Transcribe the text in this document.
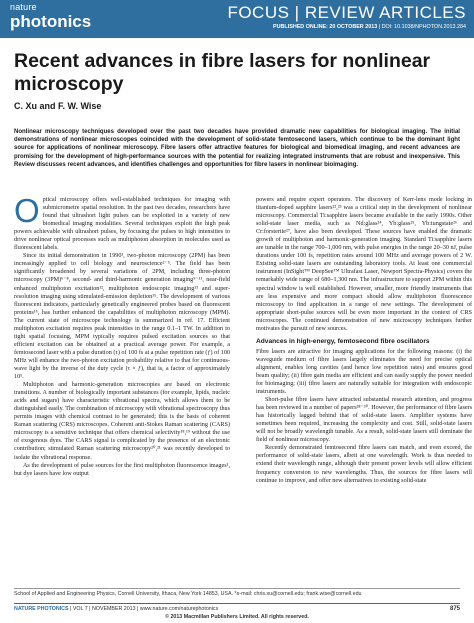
nature
photonics	FOCUS | REVIEW ARTICLES
PUBLISHED ONLINE: 20 OCTOBER 2013 | DOI: 10.1038/NPHOTON.2013.284
Recent advances in fibre lasers for nonlinear microscopy
C. Xu and F. W. Wise

Nonlinear microscopy techniques developed over the past two decades have provided dramatic new capabilities for biological imaging. The initial demonstrations of nonlinear microscopes coincided with the development of solid-state femtosecond lasers, which continue to be the dominant light source for applications of nonlinear microscopy. Fibre lasers offer attractive features for biological and biomedical imaging, and recent advances are promising for the development of high-performance sources with the potential for realizing integrated instruments that are robust and inexpensive. This Review discusses recent advances, and identifies challenges and opportunities for fibre lasers in nonlinear bioimaging.

Optical microscopy offers well-established techniques for imaging with submicrometre spatial resolution. In the past two decades, researchers have found that ultrashort light pulses can be exploited in a variety of new biomedical imaging modalities. Several techniques exploit the high peak powers achievable with ultrashort pulses, by focusing the pulses to high intensities to drive nonlinear optical processes such as multiphoton absorption in molecules used as fluorescent labels.

Since its initial demonstration in 1990¹, two-photon microscopy (2PM) has been increasingly applied to cell biology and neuroscience²⁻⁵. The field has been significantly broadened by several variations of 2PM, including three-photon microscopy (3PM)⁶⁻⁸, second- and third-harmonic generation imaging⁹⁻¹¹, near-field enhanced multiphoton excitation¹², multiphoton endoscopic imaging¹³ and super-resolution imaging using stimulated-emission depletion¹⁵. The development of various fluorescent indicators, particularly genetically engineered probes based on fluorescent proteins¹⁶, has further enhanced the capabilities of multiphoton microscopy (MPM). The current state of microscope technology is summarized in ref. 17. Efficient multiphoton excitation requires peak intensities in the range 0.1–1 TW. In addition to tight spatial focusing, MPM typically requires pulsed excitation sources so that efficient excitation can be obtained at a practical average power. For example, a femtosecond laser with a pulse duration (τ) of 100 fs at a pulse repetition rate (ƒ) of 100 MHz will enhance the two-photon excitation probability relative to that for continuous-wave light by the inverse of the duty cycle (τ × ƒ), that is, a factor of approximately 10⁵.

Multiphoton and harmonic-generation microscopies are based on electronic transitions. A number of biologically important substances (for example, lipids, nucleic acids and sugars) have characteristic vibrational spectra, which allows them to be distinguished easily. The combination of microscopy with vibrational spectroscopy thus permits images with chemical contrast to be generated; this is the basis of coherent Raman scattering (CRS) microscopes. Coherent anti-Stokes Raman scattering (CARS) microscopy is a sensitive technique that offers chemical selectivity¹⁸,¹⁹ without the use of exogenous dyes. The CARS signal is complicated by the presence of an electronic contribution; stimulated Raman scattering microscopy²⁰,²¹ was recently developed to isolate the vibrational response.

As the development of pulse sources for the first multiphoton fluorescence images¹, but dye lasers have low output

powers and require expert operators. The discovery of Kerr-lens mode locking in titanium-doped sapphire lasers²²,²³ was a critical step in the development of nonlinear microscopy. Commercial Ti:sapphire lasers became available in the early 1990s. Other solid-state laser media, such as Nd:glass²⁴, Yb:glass²⁵, Yb:tungstate²⁶ and Cr:forsterite²⁷, have also been developed. These sources have enabled the dramatic growth of multiphoton and harmonic-generation imaging. Standard Ti:sapphire lasers are tunable in the range 700–1,000 nm, with pulse energies in the range 20–30 nJ, pulse durations under 100 fs, repetition rates around 100 MHz and average powers of 2 W. Existing solid-state lasers are outstanding laboratory tools. At least one commercial instrument (InSight™ DeepSee™ Ultrafast Laser, Newport Spectra-Physics) covers the remarkably wide range of 680–1,300 nm. The infrastructure to support 2PM within this spectral window is well established. However, smaller, more friendly instruments that are less expensive and more compact should allow multiphoton fluorescence microscopy to find application in a range of new settings. The development of appropriate short-pulse sources will be even more important in the context of CRS microscopes. The continued demonstration of new microscopy techniques further motivates the pursuit of new sources.

Advances in high-energy, femtosecond fibre oscillators

Fibre lasers are attractive for imaging applications for the following reasons: (i) the waveguide medium of fibre lasers largely eliminates the need for precise optical alignment, enables long cavities (and hence low repetition rates) and ensures good beam quality; (ii) fibre gain media are efficient and can easily supply the power needed for bioimaging; (iii) fibre lasers are naturally suitable for integration with endoscopic instruments.

Short-pulse fibre lasers have attracted substantial research attention, and progress has been reviewed in a number of papers²⁸⁻³⁰. However, the performance of fibre lasers has historically lagged behind that of solid-state lasers. Amplifier systems have sometimes been required, increasing the complexity and cost. Still, solid-state lasers will not be broadly wavelength tunable. As a result, solid-state lasers still dominate the field of nonlinear microscopy.

Recently demonstrated femtosecond fibre lasers can match, and even exceed, the performance of solid-state lasers, albeit at one wavelength. Work is thus needed to extend their wavelength range, although their present power levels will allow efficient frequency conversion to new wavelengths. Thus, the sources for fibre lasers will continue to improve, and offer new alternatives to existing solid-state

School of Applied and Engineering Physics, Cornell University, Ithaca, New York 14853, USA. *e-mail: chris.xu@cornell.edu; frank.wise@cornell.edu
NATURE PHOTONICS | VOL 7 | NOVEMBER 2013 | www.nature.com/naturephotonics	875
© 2013 Macmillan Publishers Limited. All rights reserved.
